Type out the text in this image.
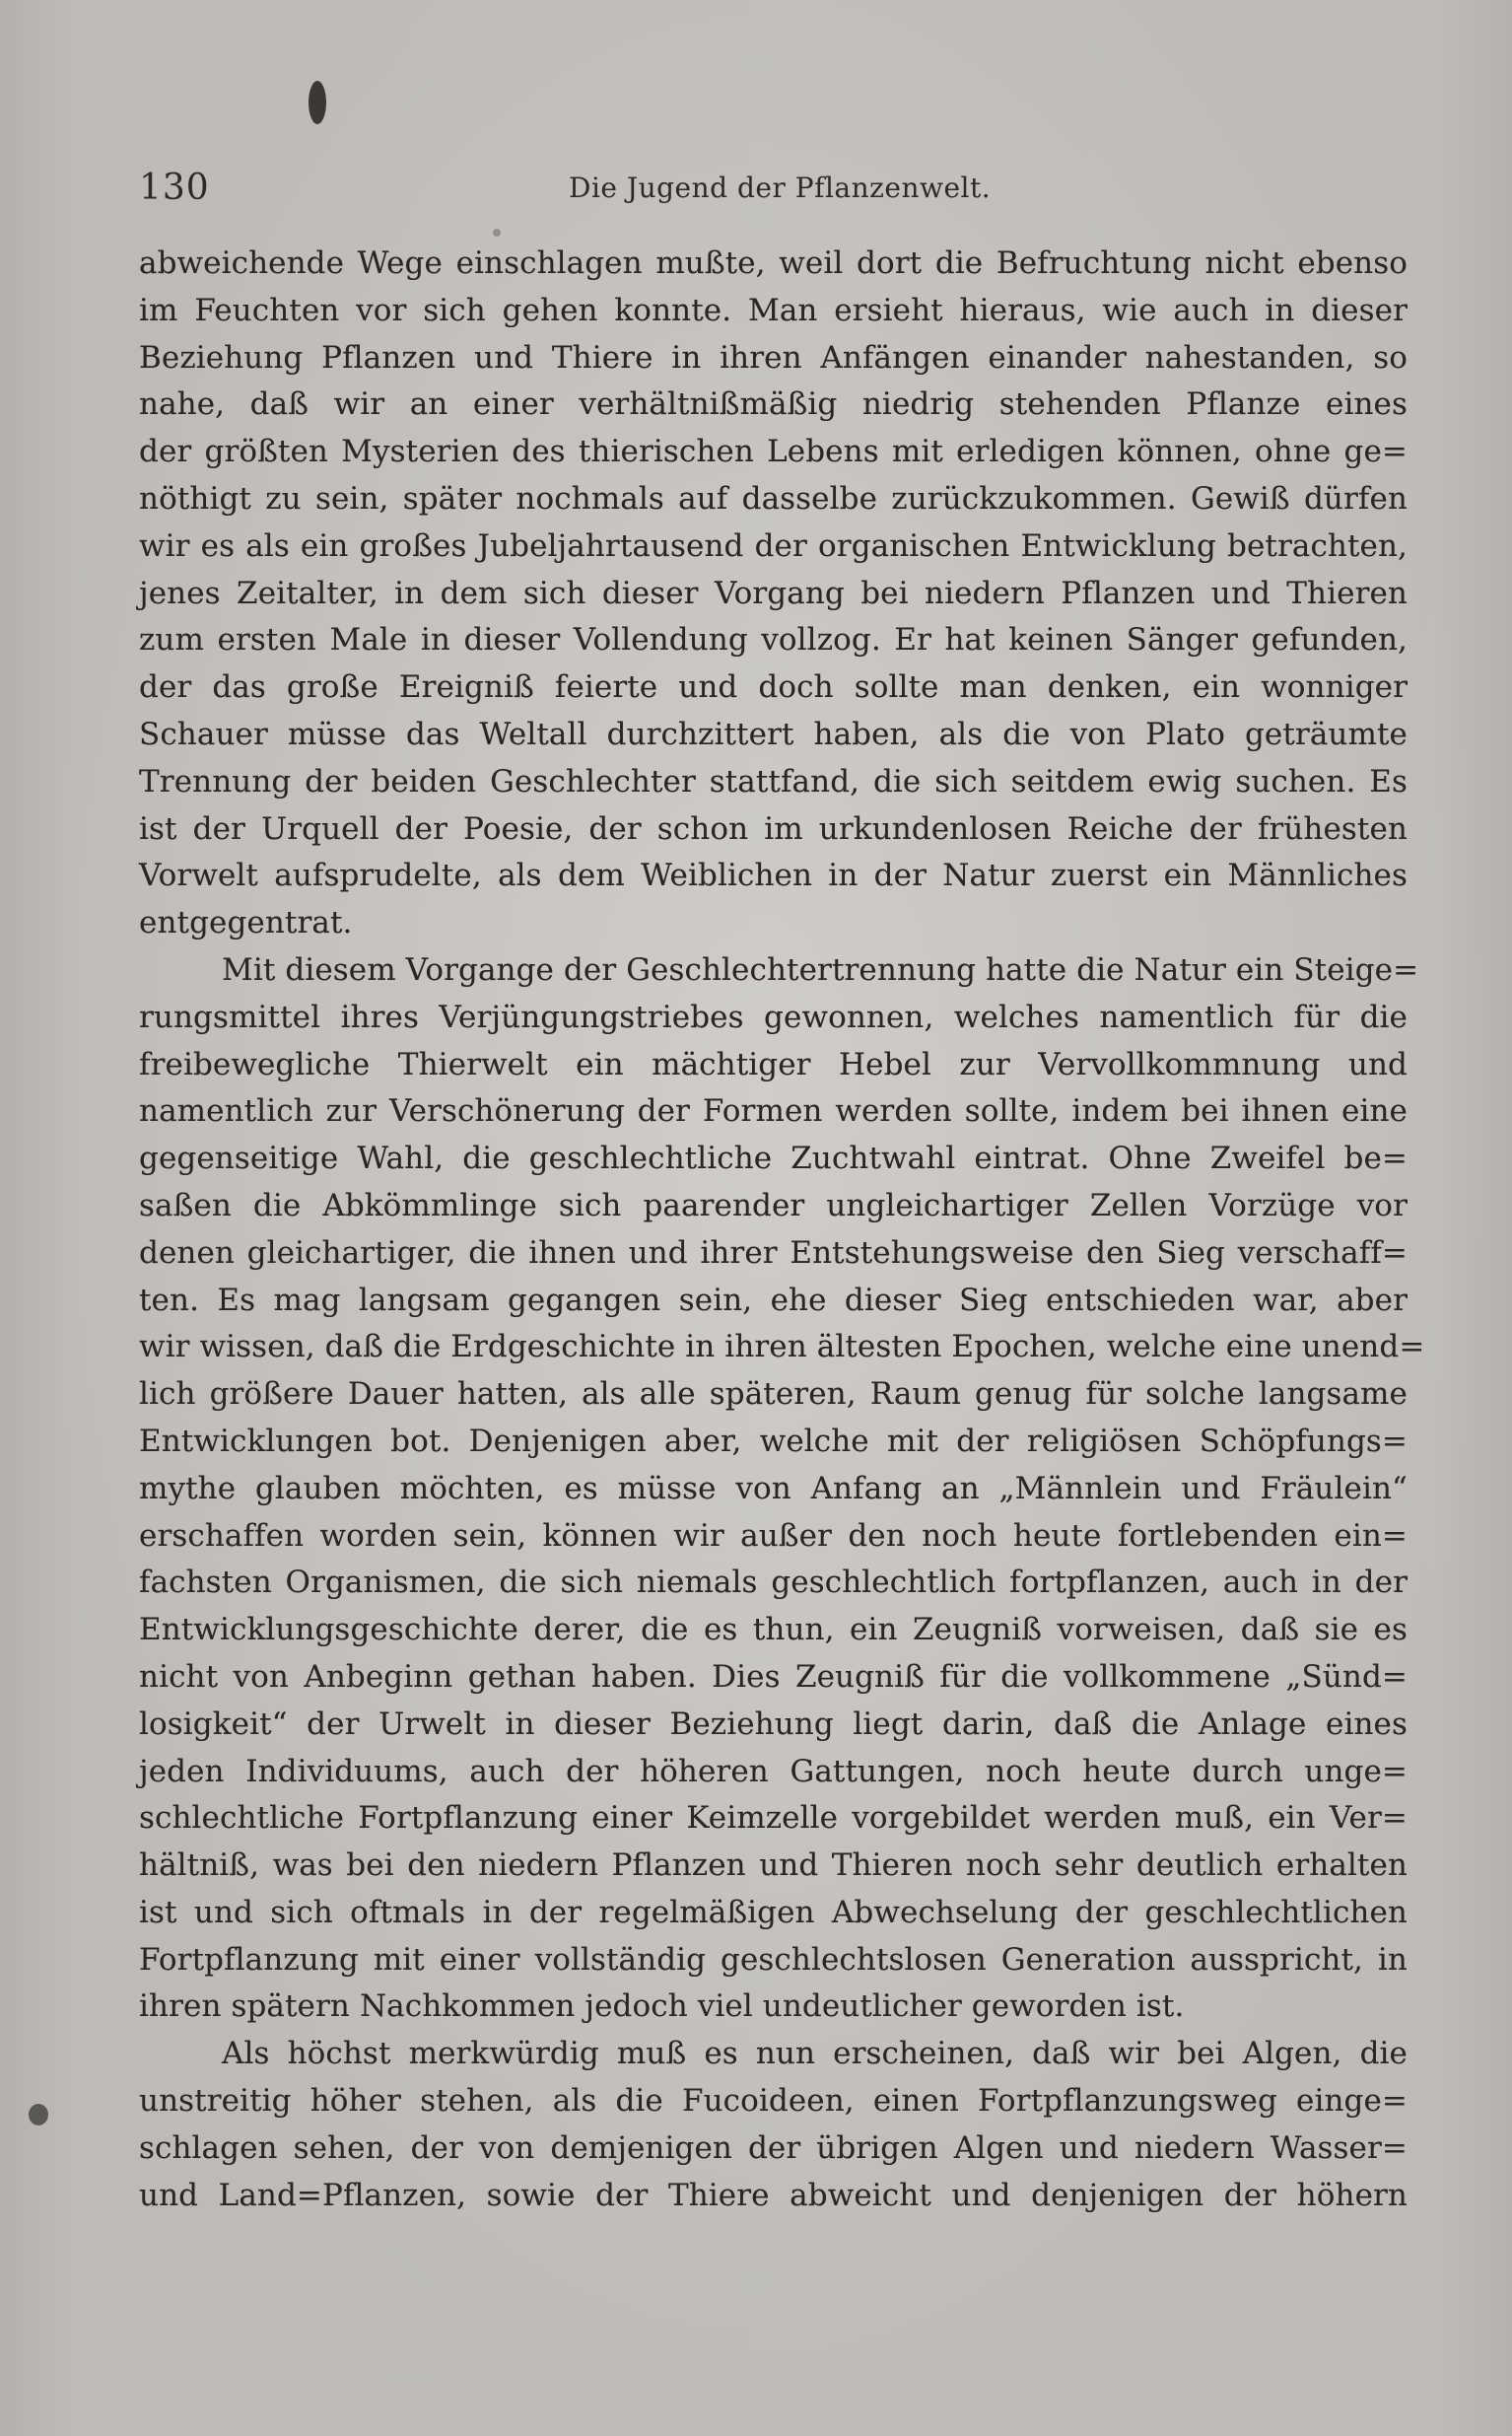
130	Die Jugend der Pflanzenwelt.

abweichende Wege einschlagen mußte, weil dort die Befruchtung nicht ebenso
im Feuchten vor sich gehen konnte. Man ersieht hieraus, wie auch in dieser
Beziehung Pflanzen und Thiere in ihren Anfängen einander nahestanden, so
nahe, daß wir an einer verhältnißmäßig niedrig stehenden Pflanze eines
der größten Mysterien des thierischen Lebens mit erledigen können, ohne ge=
nöthigt zu sein, später nochmals auf dasselbe zurückzukommen. Gewiß dürfen
wir es als ein großes Jubeljahrtausend der organischen Entwicklung betrachten,
jenes Zeitalter, in dem sich dieser Vorgang bei niedern Pflanzen und Thieren
zum ersten Male in dieser Vollendung vollzog. Er hat keinen Sänger gefunden,
der das große Ereigniß feierte und doch sollte man denken, ein wonniger
Schauer müsse das Weltall durchzittert haben, als die von Plato geträumte
Trennung der beiden Geschlechter stattfand, die sich seitdem ewig suchen. Es
ist der Urquell der Poesie, der schon im urkundenlosen Reiche der frühesten
Vorwelt aufsprudelte, als dem Weiblichen in der Natur zuerst ein Männliches
entgegentrat.

Mit diesem Vorgange der Geschlechtertrennung hatte die Natur ein Steige=
rungsmittel ihres Verjüngungstriebes gewonnen, welches namentlich für die
freibewegliche Thierwelt ein mächtiger Hebel zur Vervollkommnung und
namentlich zur Verschönerung der Formen werden sollte, indem bei ihnen eine
gegenseitige Wahl, die geschlechtliche Zuchtwahl eintrat. Ohne Zweifel be=
saßen die Abkömmlinge sich paarender ungleichartiger Zellen Vorzüge vor
denen gleichartiger, die ihnen und ihrer Entstehungsweise den Sieg verschaff=
ten. Es mag langsam gegangen sein, ehe dieser Sieg entschieden war, aber
wir wissen, daß die Erdgeschichte in ihren ältesten Epochen, welche eine unend=
lich größere Dauer hatten, als alle späteren, Raum genug für solche langsame
Entwicklungen bot. Denjenigen aber, welche mit der religiösen Schöpfungs=
mythe glauben möchten, es müsse von Anfang an „Männlein und Fräulein“
erschaffen worden sein, können wir außer den noch heute fortlebenden ein=
fachsten Organismen, die sich niemals geschlechtlich fortpflanzen, auch in der
Entwicklungsgeschichte derer, die es thun, ein Zeugniß vorweisen, daß sie es
nicht von Anbeginn gethan haben. Dies Zeugniß für die vollkommene „Sünd=
losigkeit“ der Urwelt in dieser Beziehung liegt darin, daß die Anlage eines
jeden Individuums, auch der höheren Gattungen, noch heute durch unge=
schlechtliche Fortpflanzung einer Keimzelle vorgebildet werden muß, ein Ver=
hältniß, was bei den niedern Pflanzen und Thieren noch sehr deutlich erhalten
ist und sich oftmals in der regelmäßigen Abwechselung der geschlechtlichen
Fortpflanzung mit einer vollständig geschlechtslosen Generation ausspricht, in
ihren spätern Nachkommen jedoch viel undeutlicher geworden ist.

Als höchst merkwürdig muß es nun erscheinen, daß wir bei Algen, die
unstreitig höher stehen, als die Fucoideen, einen Fortpflanzungsweg einge=
schlagen sehen, der von demjenigen der übrigen Algen und niedern Wasser=
und Land=Pflanzen, sowie der Thiere abweicht und denjenigen der höhern
